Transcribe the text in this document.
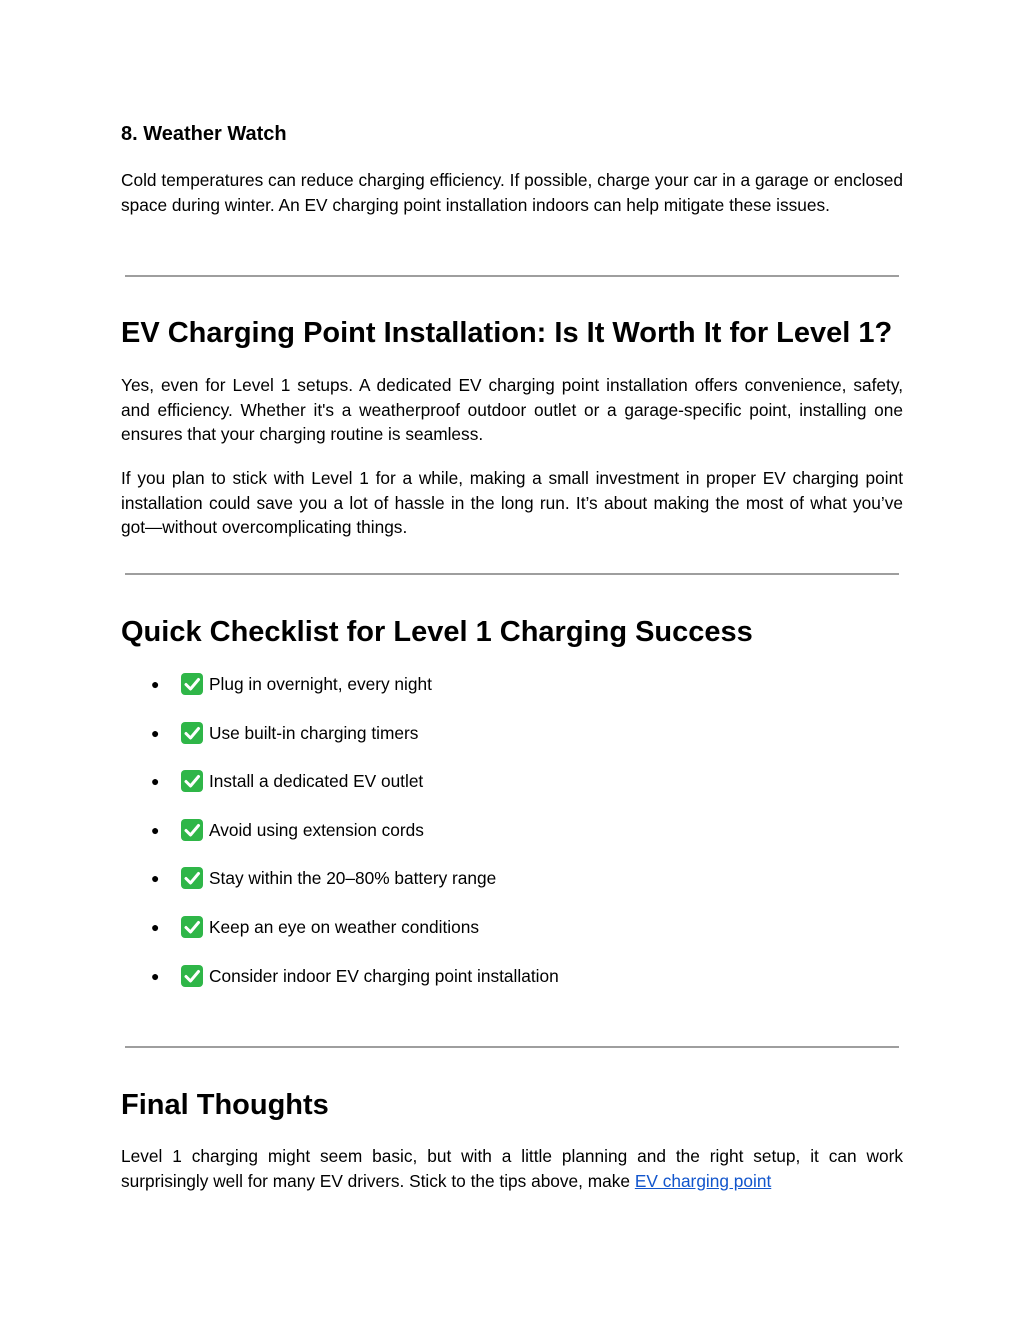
8. Weather Watch

Cold temperatures can reduce charging efficiency. If possible, charge your car in a garage or enclosed space during winter. An EV charging point installation indoors can help mitigate these issues.

EV Charging Point Installation: Is It Worth It for Level 1?

Yes, even for Level 1 setups. A dedicated EV charging point installation offers convenience, safety, and efficiency. Whether it's a weatherproof outdoor outlet or a garage-specific point, installing one ensures that your charging routine is seamless.

If you plan to stick with Level 1 for a while, making a small investment in proper EV charging point installation could save you a lot of hassle in the long run. It’s about making the most of what you’ve got—without overcomplicating things.

Quick Checklist for Level 1 Charging Success
●	Plug in overnight, every night
●	Use built-in charging timers
●	Install a dedicated EV outlet
●	Avoid using extension cords
●	Stay within the 20–80% battery range
●	Keep an eye on weather conditions
●	Consider indoor EV charging point installation
Final Thoughts

Level 1 charging might seem basic, but with a little planning and the right setup, it can work surprisingly well for many EV drivers. Stick to the tips above, make EV charging point
